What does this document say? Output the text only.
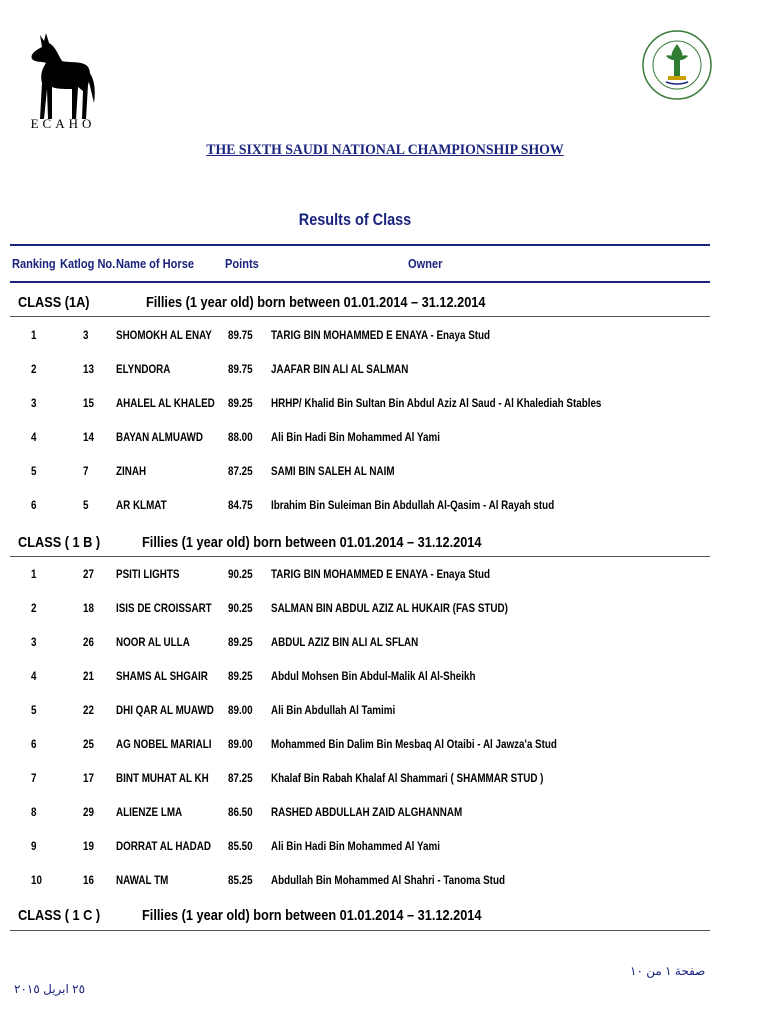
ECAHO
THE SIXTH SAUDI NATIONAL CHAMPIONSHIP SHOW
Results of Class
Ranking Katlog No. Name of Horse Points	Owner
CLASS (1A)	Fillies (1 year old) born between 01.01.2014 – 31.12.2014
1	3 SHOMOKH AL ENAY 89.75 TARIG BIN MOHAMMED E ENAYA - Enaya Stud
2	13 ELYNDORA	89.75 JAAFAR BIN ALI AL SALMAN
3	15 AHALEL AL KHALED 89.25 HRHP/ Khalid Bin Sultan Bin Abdul Aziz Al Saud - Al Khalediah Stables
4	14 BAYAN ALMUAWD 88.00 Ali Bin Hadi Bin Mohammed Al Yami
5	7 ZINAH	87.25 SAMI BIN SALEH AL NAIM
6	5 AR KLMAT	84.75 Ibrahim Bin Suleiman Bin Abdullah Al-Qasim - Al Rayah stud
CLASS ( 1 B )	Fillies (1 year old) born between 01.01.2014 – 31.12.2014
1	27 PSITI LIGHTS	90.25 TARIG BIN MOHAMMED E ENAYA - Enaya Stud
2	18 ISIS DE CROISSART 90.25 SALMAN BIN ABDUL AZIZ AL HUKAIR (FAS STUD)
3	26 NOOR AL ULLA	89.25 ABDUL AZIZ BIN ALI AL SFLAN
4	21 SHAMS AL SHGAIR 89.25 Abdul Mohsen Bin Abdul-Malik Al Al-Sheikh
5	22 DHI QAR AL MUAWD 89.00 Ali Bin Abdullah Al Tamimi
6	25 AG NOBEL MARIALI 89.00 Mohammed Bin Dalim Bin Mesbaq Al Otaibi - Al Jawza'a Stud
7	17 BINT MUHAT AL KH 87.25 Khalaf Bin Rabah Khalaf Al Shammari ( SHAMMAR STUD )
8	29 ALIENZE LMA	86.50 RASHED ABDULLAH ZAID ALGHANNAM
9	19 DORRAT AL HADAD 85.50 Ali Bin Hadi Bin Mohammed Al Yami
10	16 NAWAL TM	85.25 Abdullah Bin Mohammed Al Shahri - Tanoma Stud
CLASS ( 1 C )	Fillies (1 year old) born between 01.01.2014 – 31.12.2014
صفحة ١ من ١٠
٢٥ ابريل ٢٠١٥
